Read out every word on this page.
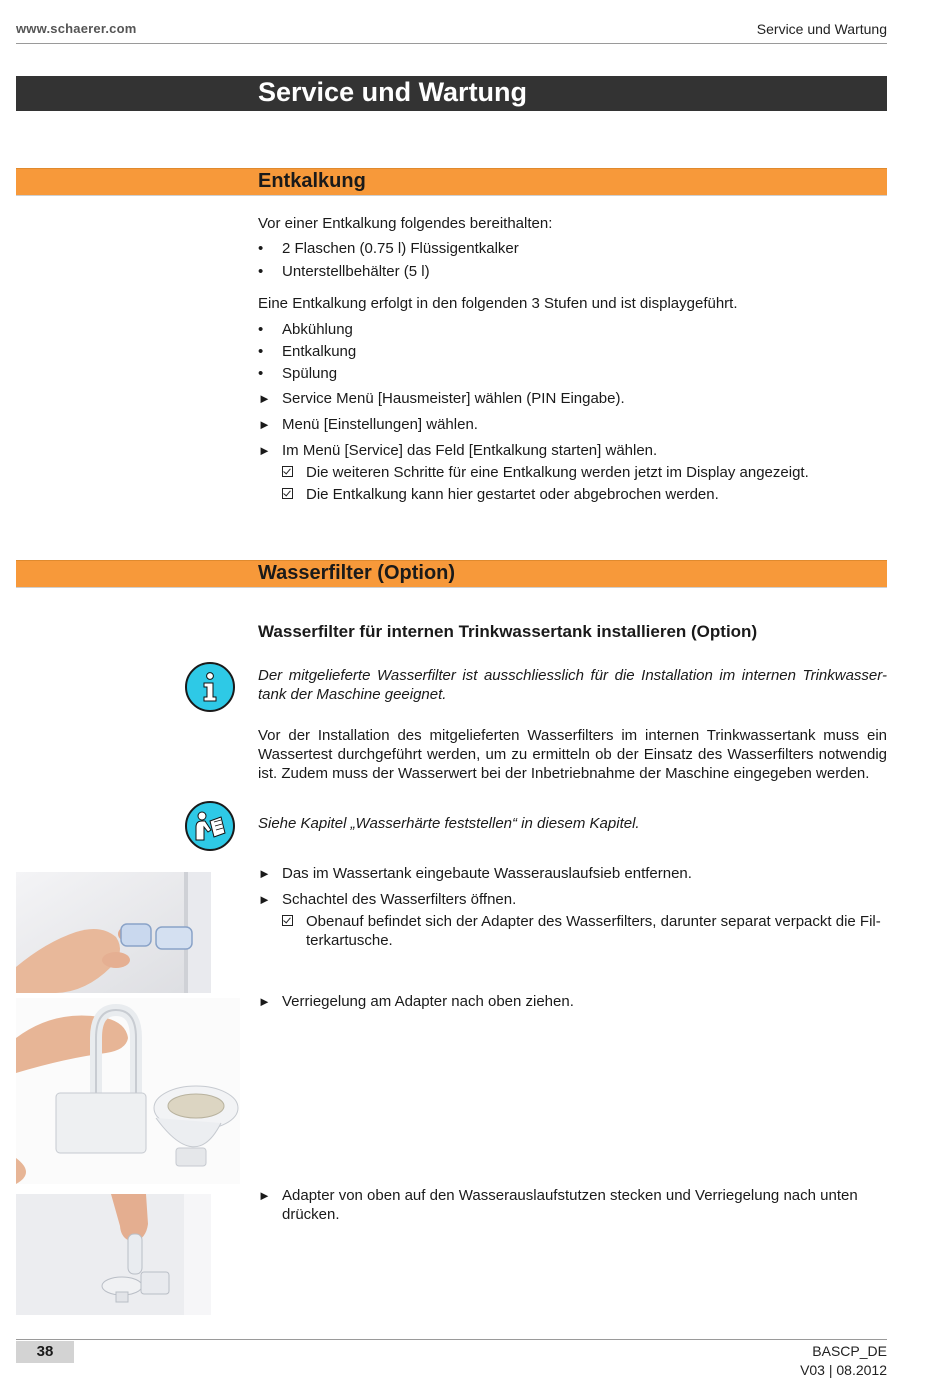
www.schaerer.com	Service und Wartung
Service und Wartung
Entkalkung
Vor einer Entkalkung folgendes bereithalten:
•	2 Flaschen (0.75 l) Flüssigentkalker
•	Unterstellbehälter (5 l)
Eine Entkalkung erfolgt in den folgenden 3 Stufen und ist displaygeführt.
•	Abkühlung
•	Entkalkung
•	Spülung
► Service Menü [Hausmeister] wählen (PIN Eingabe).
► Menü [Einstellungen] wählen.
► Im Menü [Service] das Feld [Entkalkung starten] wählen.
Die weiteren Schritte für eine Entkalkung werden jetzt im Display angezeigt.
Die Entkalkung kann hier gestartet oder abgebrochen werden.
Wasserfilter (Option)
Wasserfilter für internen Trinkwassertank installieren (Option)
Der mitgelieferte Wasserfilter ist ausschliesslich für die Installation im internen Trinkwasser-tank der Maschine geeignet.
Vor der Installation des mitgelieferten Wasserfilters im internen Trinkwassertank muss ein Wassertest durchgeführt werden, um zu ermitteln ob der Einsatz des Wasserfilters notwendig ist. Zudem muss der Wasserwert bei der Inbetriebnahme der Maschine eingegeben werden.
Siehe Kapitel „Wasserhärte feststellen“ in diesem Kapitel.
► Das im Wassertank eingebaute Wasserauslaufsieb entfernen.
► Schachtel des Wasserfilters öffnen.
Obenauf befindet sich der Adapter des Wasserfilters, darunter separat verpackt die Fil-terkartusche.
► Verriegelung am Adapter nach oben ziehen.
► Adapter von oben auf den Wasserauslaufstutzen stecken und Verriegelung nach unten drücken.
38	BASCP_DE
V03 | 08.2012
